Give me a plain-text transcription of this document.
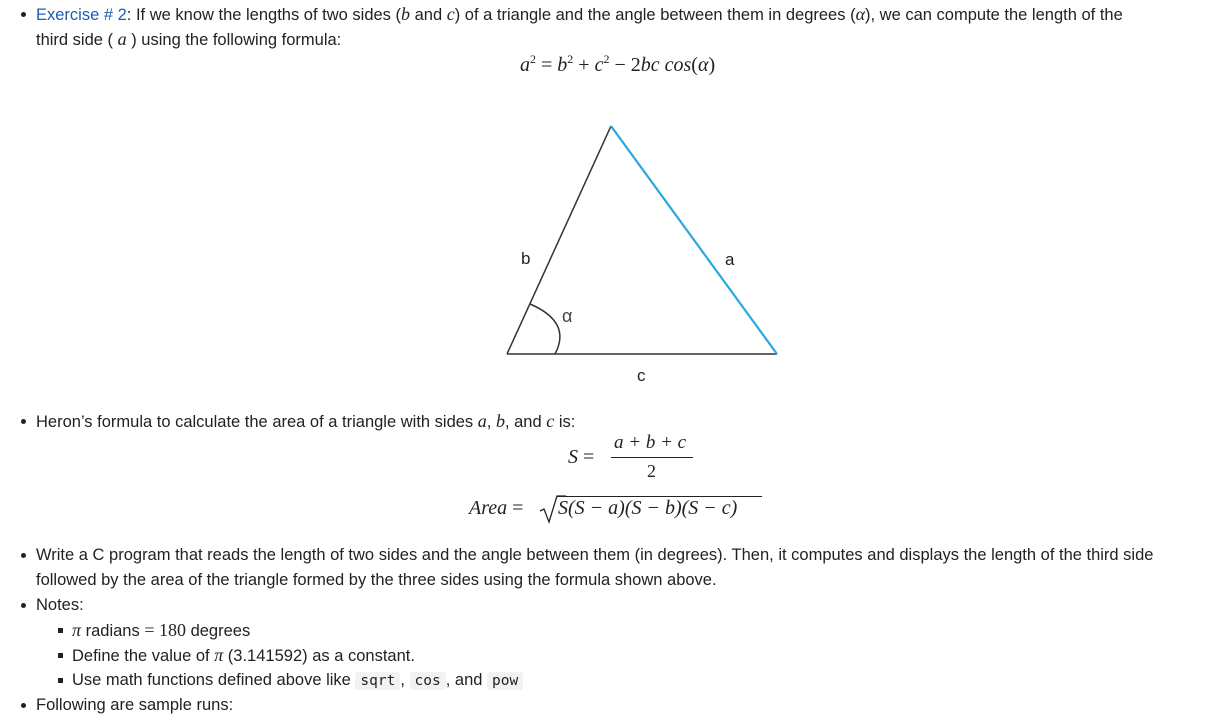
Exercise # 2: If we know the lengths of two sides (b and c) of a triangle and the angle between them in degrees (α), we can compute the length of the
third side ( a ) using the following formula:
$a^2 = b^2 + c^2 - 2bc$ cos(α)
b	a
c
α
Heron’s formula to calculate the area of a triangle with sides a, b, and c is:
S =
a + b + c
2
Area = S(S − a)(S − b)(S − c)
Write a C program that reads the length of two sides and the angle between them (in degrees). Then, it computes and displays the length of the third side
followed by the area of the triangle formed by the three sides using the formula shown above.
Notes:
π radians = 180 degrees
Define the value of π (3.141592) as a constant.
Use math functions defined above like sqrt , cos , and pow
Following are sample runs:
